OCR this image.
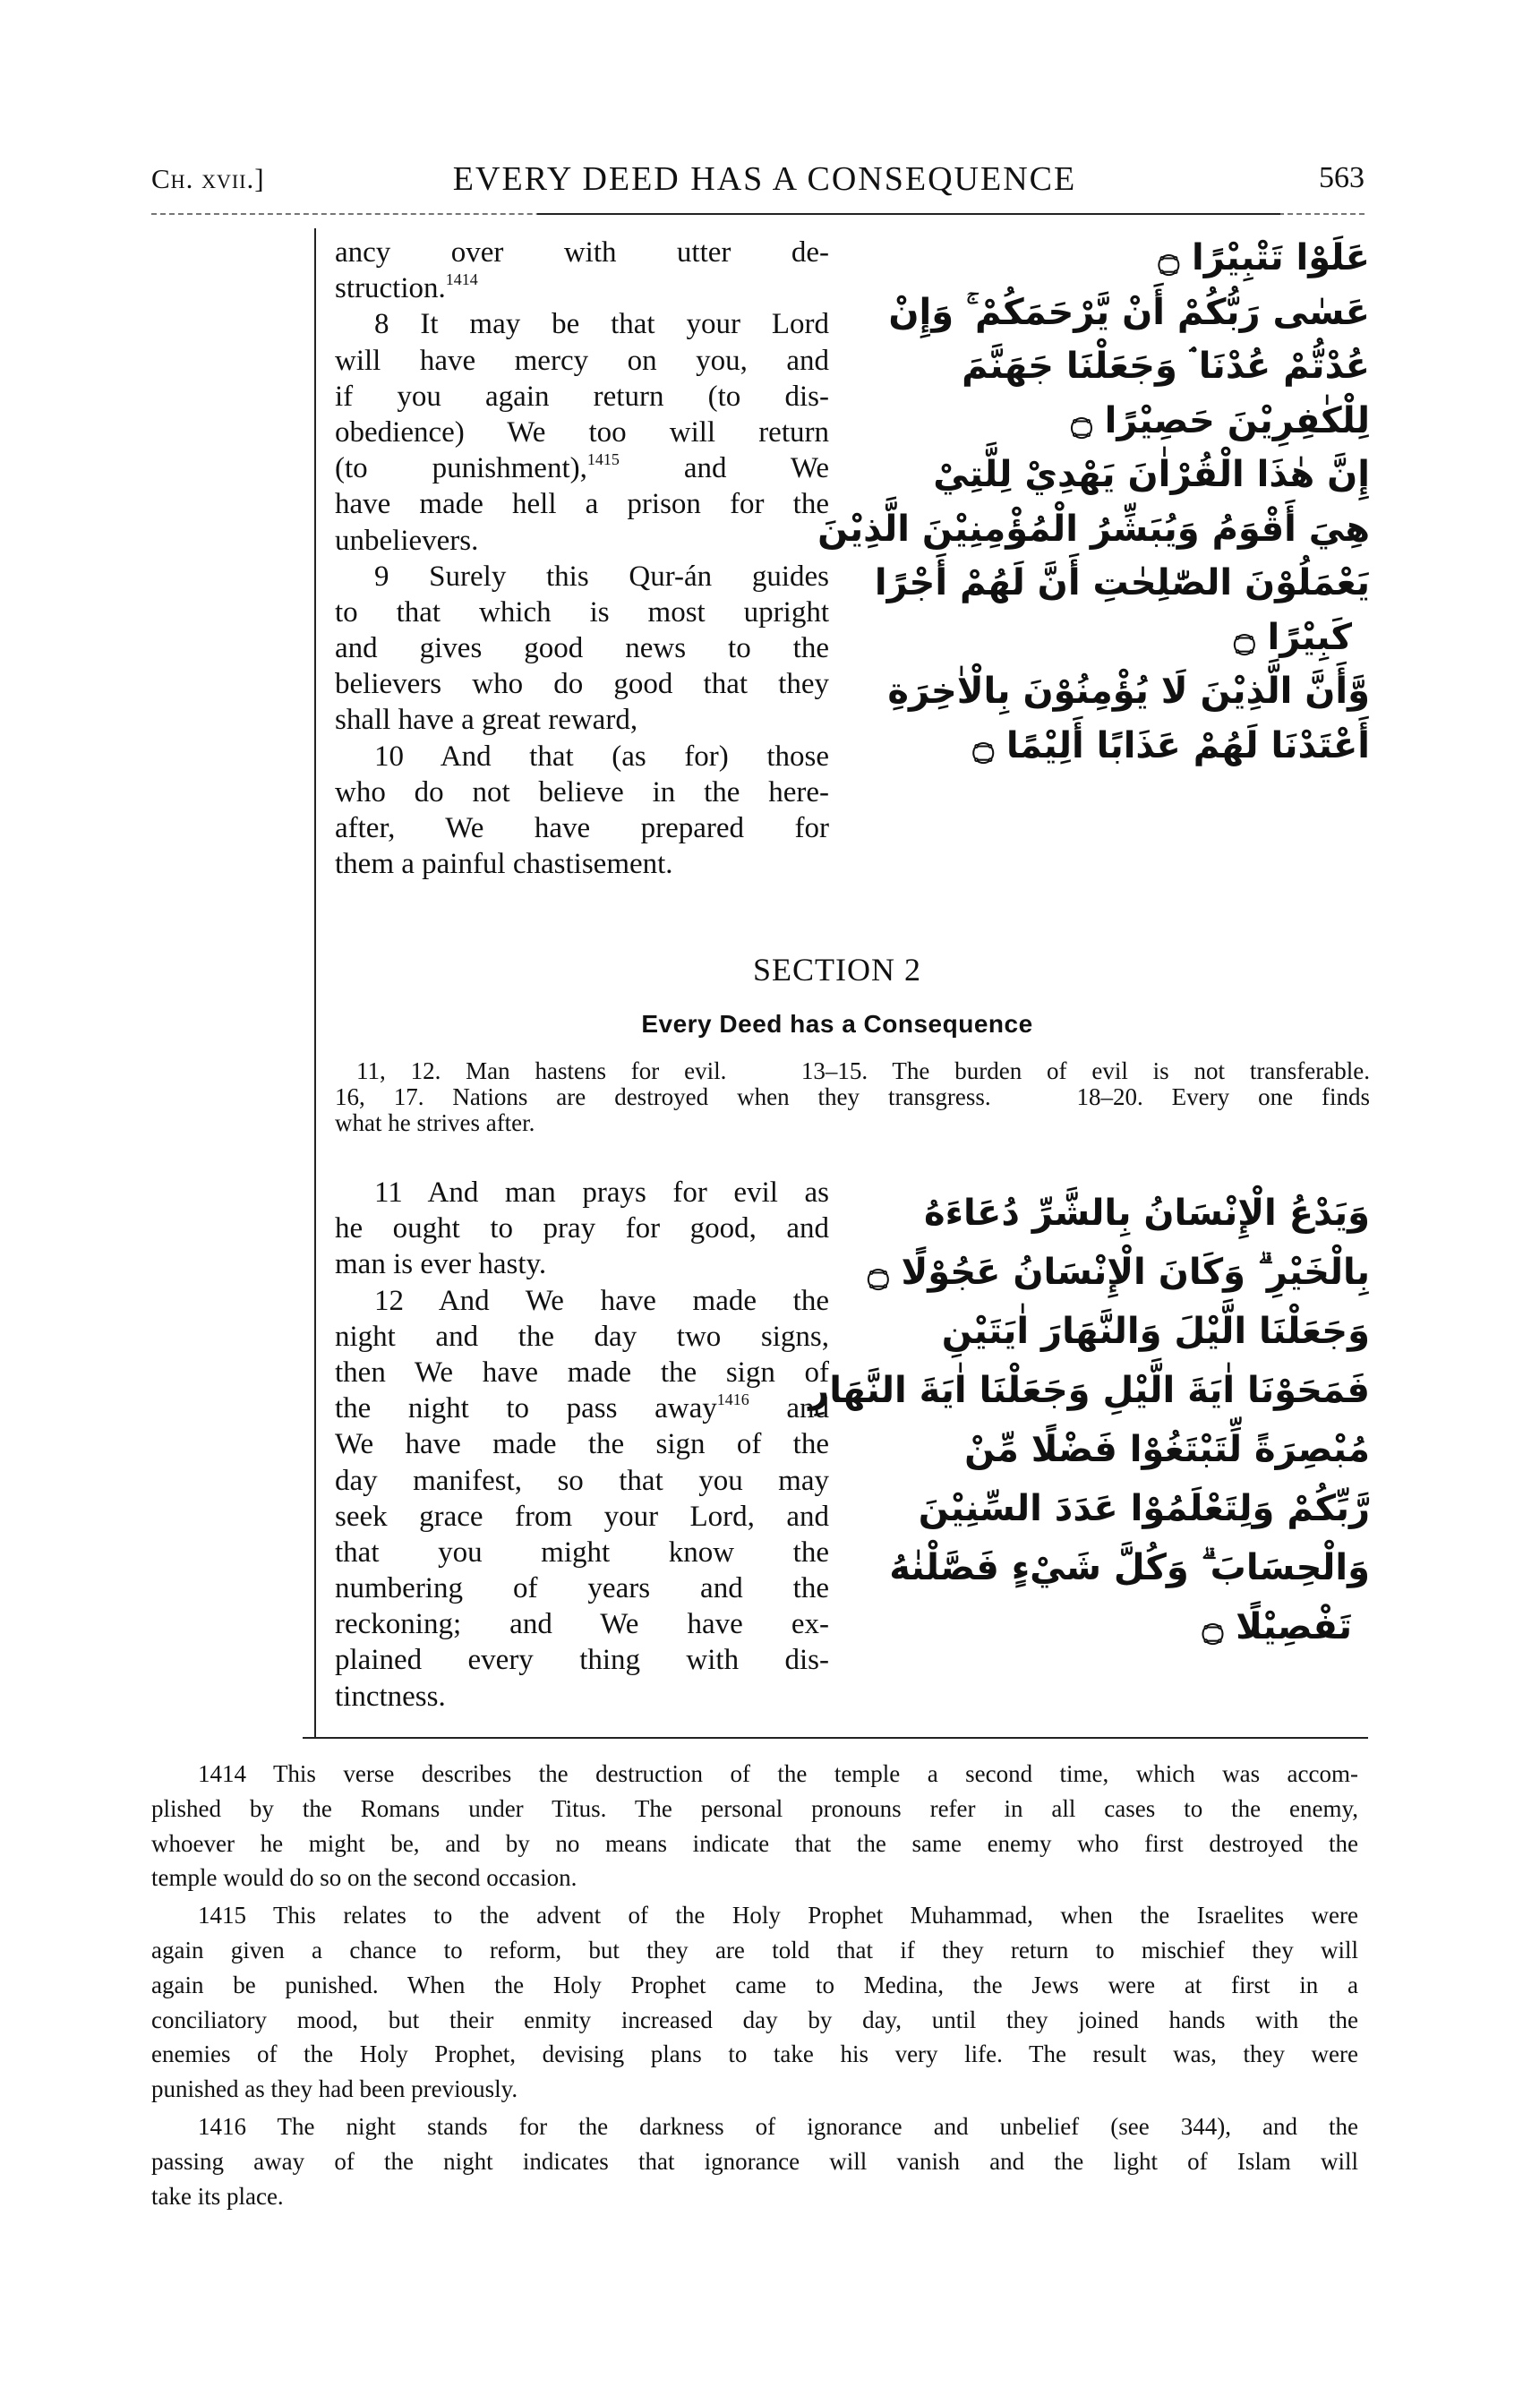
Ch. xvii.]	EVERY DEED HAS A CONSEQUENCE	563
ancy over with utter de-
struction.$^{1414}$
8 It may be that your Lord
will have mercy on you, and
if you again return (to dis-
obedience) We too will return
(to punishment),$^{1415}$ and We
have made hell a prison for the
unbelievers.
9 Surely this Qur-án guides
to that which is most upright
and gives good news to the
believers who do good that they
shall have a great reward,
10 And that (as for) those
who do not believe in the here-
after, We have prepared for
them a painful chastisement.
عَلَوْا تَتْبِيْرًا ۝
عَسٰى رَبُّكُمْ أَنْ يَّرْحَمَكُمْ ۚ وَإِنْ
عُدْتُّمْ عُدْنَا ۘ وَجَعَلْنَا جَهَنَّمَ
لِلْكٰفِرِيْنَ حَصِيْرًا ۝
إِنَّ هٰذَا الْقُرْاٰنَ يَهْدِيْ لِلَّتِيْ
هِيَ أَقْوَمُ وَيُبَشِّرُ الْمُؤْمِنِيْنَ الَّذِيْنَ
يَعْمَلُوْنَ الصّٰلِحٰتِ أَنَّ لَهُمْ أَجْرًا
كَبِيْرًا ۝
وَّأَنَّ الَّذِيْنَ لَا يُؤْمِنُوْنَ بِالْاٰخِرَةِ
أَعْتَدْنَا لَهُمْ عَذَابًا أَلِيْمًا ۝
SECTION 2
Every Deed has a Consequence
11, 12. Man hastens for evil.   13–15. The burden of evil is not transferable.
16, 17. Nations are destroyed when they transgress.   18–20. Every one finds
what he strives after.
11 And man prays for evil as
he ought to pray for good, and
man is ever hasty.
12 And We have made the
night and the day two signs,
then We have made the sign of
the night to pass away$^{1416}$ and
We have made the sign of the
day manifest, so that you may
seek grace from your Lord, and
that you might know the
numbering of years and the
reckoning; and We have ex-
plained every thing with dis-
tinctness.
وَيَدْعُ الْإِنْسَانُ بِالشَّرِّ دُعَاءَهُ
بِالْخَيْرِ ۗ وَكَانَ الْإِنْسَانُ عَجُوْلًا ۝
وَجَعَلْنَا الَّيْلَ وَالنَّهَارَ اٰيَتَيْنِ
فَمَحَوْنَا اٰيَةَ الَّيْلِ وَجَعَلْنَا اٰيَةَ النَّهَارِ
مُبْصِرَةً لِّتَبْتَغُوْا فَضْلًا مِّنْ
رَّبِّكُمْ وَلِتَعْلَمُوْا عَدَدَ السِّنِيْنَ
وَالْحِسَابَ ۗ وَكُلَّ شَيْءٍ فَصَّلْنٰهُ
تَفْصِيْلًا ۝
1414 This verse describes the destruction of the temple a second time, which was accom-
plished by the Romans under Titus. The personal pronouns refer in all cases to the enemy,
whoever he might be, and by no means indicate that the same enemy who first destroyed the
temple would do so on the second occasion.
1415 This relates to the advent of the Holy Prophet Muhammad, when the Israelites were
again given a chance to reform, but they are told that if they return to mischief they will
again be punished. When the Holy Prophet came to Medina, the Jews were at first in a
conciliatory mood, but their enmity increased day by day, until they joined hands with the
enemies of the Holy Prophet, devising plans to take his very life. The result was, they were
punished as they had been previously.
1416 The night stands for the darkness of ignorance and unbelief (see 344), and the
passing away of the night indicates that ignorance will vanish and the light of Islam will
take its place.
